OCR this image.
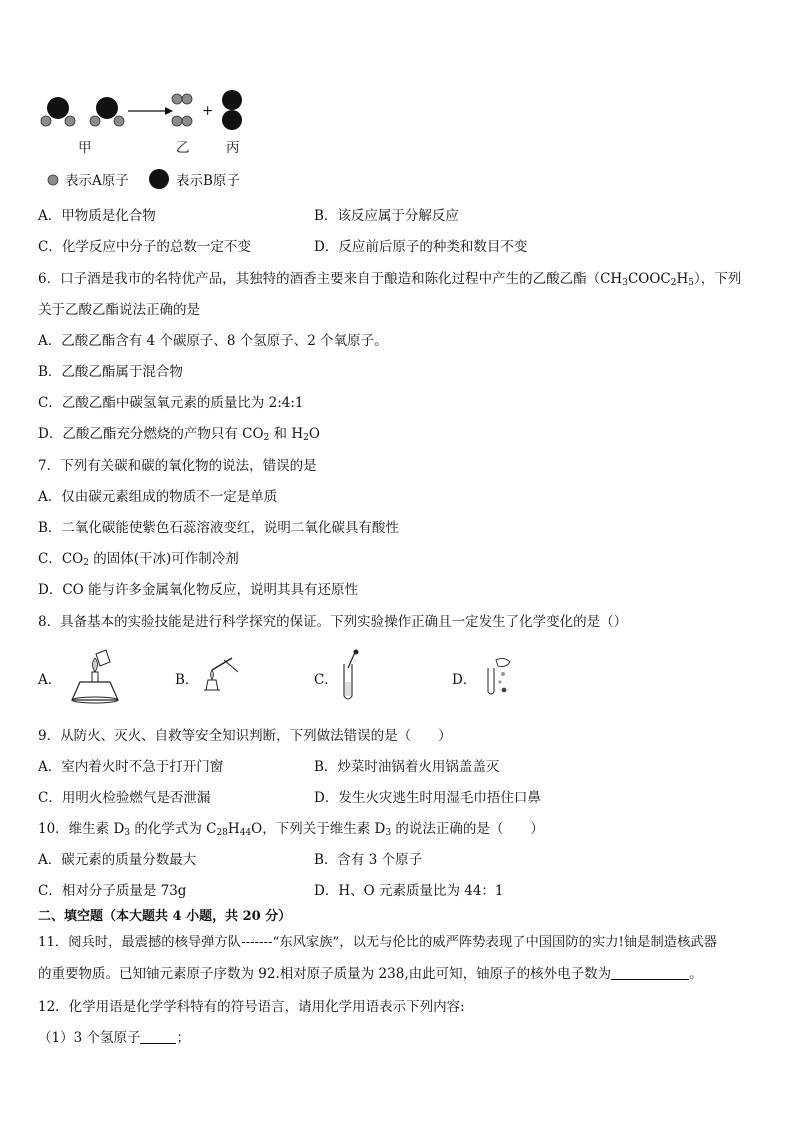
+
甲	乙	丙
表示A原子	表示B原子
A．甲物质是化合物	B．该反应属于分解反应
C．化学反应中分子的总数一定不变	D．反应前后原子的种类和数目不变
6．口子酒是我市的名特优产品，其独特的酒香主要来自于酿造和陈化过程中产生的乙酸乙酯$(CH_3COOC_2H_5)$，下列
关于乙酸乙酯说法正确的是
A．乙酸乙酯含有 4 个碳原子、8 个氢原子、2 个氧原子。
B．乙酸乙酯属于混合物
C．乙酸乙酯中碳氢氧元素的质量比为 2:4:1
D．乙酸乙酯充分燃烧的产物只有 $CO_2$ 和 $H_2O$
7．下列有关碳和碳的氧化物的说法，错误的是
A．仅由碳元素组成的物质不一定是单质
B．二氧化碳能使紫色石蕊溶液变红，说明二氧化碳具有酸性
C．$CO_2$ 的固体(干冰)可作制冷剂
D．CO 能与许多金属氧化物反应，说明其具有还原性
8．具备基本的实验技能是进行科学探究的保证。下列实验操作正确且一定发生了化学变化的是（）
A．	B．	C．	D．
9．从防火、灭火、自救等安全知识判断，下列做法错误的是（　　）
A．室内着火时不急于打开门窗	B．炒菜时油锅着火用锅盖盖灭
C．用明火检验燃气是否泄漏	D．发生火灾逃生时用湿毛巾捂住口鼻
10．维生素 $D_3$ 的化学式为 $C_{28}H_{44}O$，下列关于维生素 $D_3$ 的说法正确的是（　　）
A．碳元素的质量分数最大	B．含有 3 个原子
C．相对分子质量是 73g	D．H、O 元素质量比为 44：1
二、填空题（本大题共 4 小题，共 20 分）
11．阅兵时，最震撼的核导弹方队-------“东风家族”，以无与伦比的威严阵势表现了中国国防的实力!铀是制造核武器
的重要物质。已知铀元素原子序数为 92.相对原子质量为 238,由此可知，铀原子的核外电子数为	。
12．化学用语是化学学科特有的符号语言，请用化学用语表示下列内容:
（1）3 个氢原子	；
